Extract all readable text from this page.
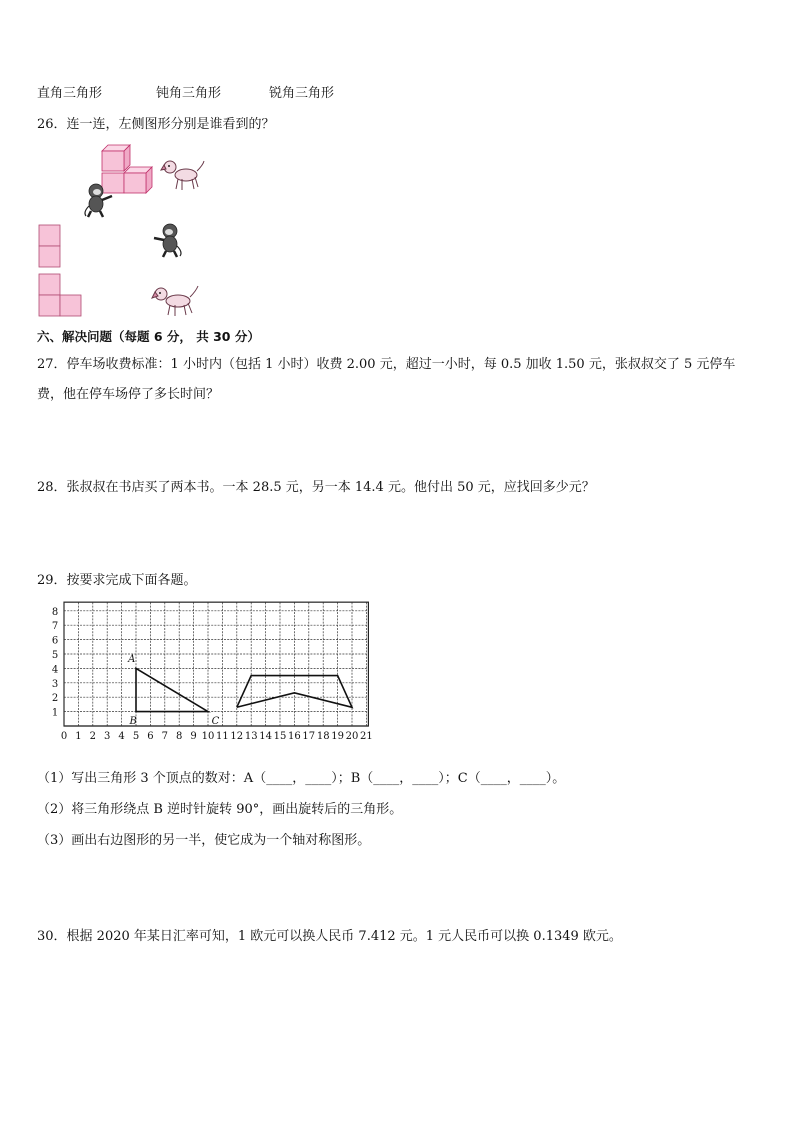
直角三角形	钝角三角形	锐角三角形
26．连一连，左侧图形分别是谁看到的？
六、解决问题（每题 6 分， 共 30 分）
27．停车场收费标准：1 小时内（包括 1 小时）收费 2.00 元，超过一小时，每 0.5 加收 1.50 元，张叔叔交了 5 元停车
费，他在停车场停了多长时间？
28．张叔叔在书店买了两本书。一本 28.5 元，另一本 14.4 元。他付出 50 元，应找回多少元？
29．按要求完成下面各题。
0 1 2 3 4 5 6 7 8 9 10 11 12 13 14 15 16 17 18 19 20 21
1
2
3
4
5
6
7
8
A
B	C
（1）写出三角形 3 个顶点的数对：A（____，____）；B（____，____）；C（____，____）。
（2）将三角形绕点 B 逆时针旋转 90°，画出旋转后的三角形。
（3）画出右边图形的另一半，使它成为一个轴对称图形。
30．根据 2020 年某日汇率可知，1 欧元可以换人民币 7.412 元。1 元人民币可以换 0.1349 欧元。
